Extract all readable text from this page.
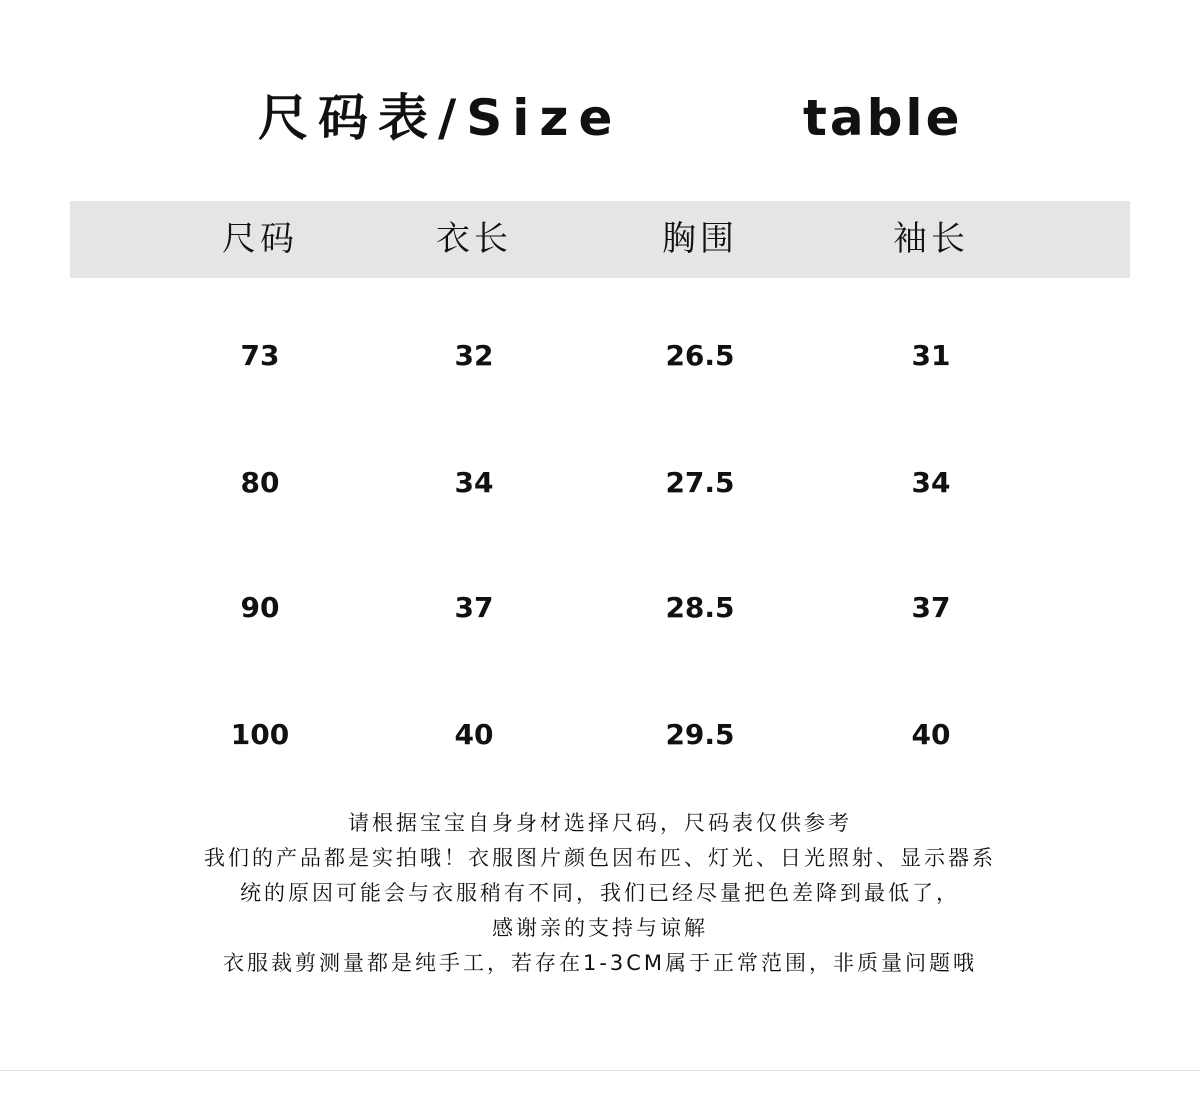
尺码表/Size	table
尺码	衣长	胸围	袖长
73	32	26.5	31
80	34	27.5	34
90	37	28.5	37
100	40	29.5	40
请根据宝宝自身身材选择尺码，尺码表仅供参考
我们的产品都是实拍哦！衣服图片颜色因布匹、灯光、日光照射、显示器系
统的原因可能会与衣服稍有不同，我们已经尽量把色差降到最低了，
感谢亲的支持与谅解
衣服裁剪测量都是纯手工，若存在1-3CM属于正常范围，非质量问题哦
